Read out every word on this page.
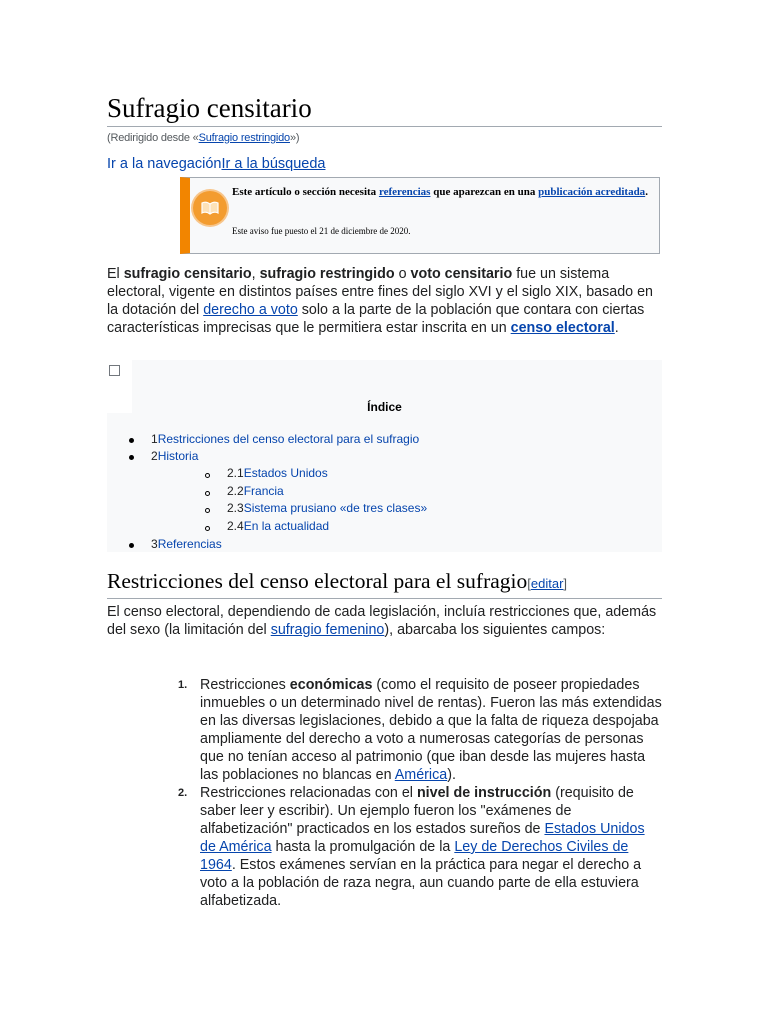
Sufragio censitario
(Redirigido desde «Sufragio restringido»)
Ir a la navegaciónIr a la búsqueda
Este artículo o sección necesita referencias que aparezcan en una publicación acreditada.
Este aviso fue puesto el 21 de diciembre de 2020.

El sufragio censitario, sufragio restringido o voto censitario fue un sistema electoral, vigente en distintos países entre fines del siglo XVI y el siglo XIX, basado en la dotación del derecho a voto solo a la parte de la población que contara con ciertas características imprecisas que le permitiera estar inscrita en un censo electoral.

Índice
1Restricciones del censo electoral para el sufragio
2Historia
2.1Estados Unidos
2.2Francia
2.3Sistema prusiano «de tres clases»
2.4En la actualidad
3Referencias
Restricciones del censo electoral para el sufragio[editar]

El censo electoral, dependiendo de cada legislación, incluía restricciones que, además del sexo (la limitación del sufragio femenino), abarcaba los siguientes campos:

1. Restricciones económicas (como el requisito de poseer propiedades inmuebles o un determinado nivel de rentas). Fueron las más extendidas en las diversas legislaciones, debido a que la falta de riqueza despojaba ampliamente del derecho a voto a numerosas categorías de personas que no tenían acceso al patrimonio (que iban desde las mujeres hasta las poblaciones no blancas en América).
2. Restricciones relacionadas con el nivel de instrucción (requisito de saber leer y escribir). Un ejemplo fueron los "exámenes de alfabetización" practicados en los estados sureños de Estados Unidos de América hasta la promulgación de la Ley de Derechos Civiles de 1964. Estos exámenes servían en la práctica para negar el derecho a voto a la población de raza negra, aun cuando parte de ella estuviera alfabetizada.
